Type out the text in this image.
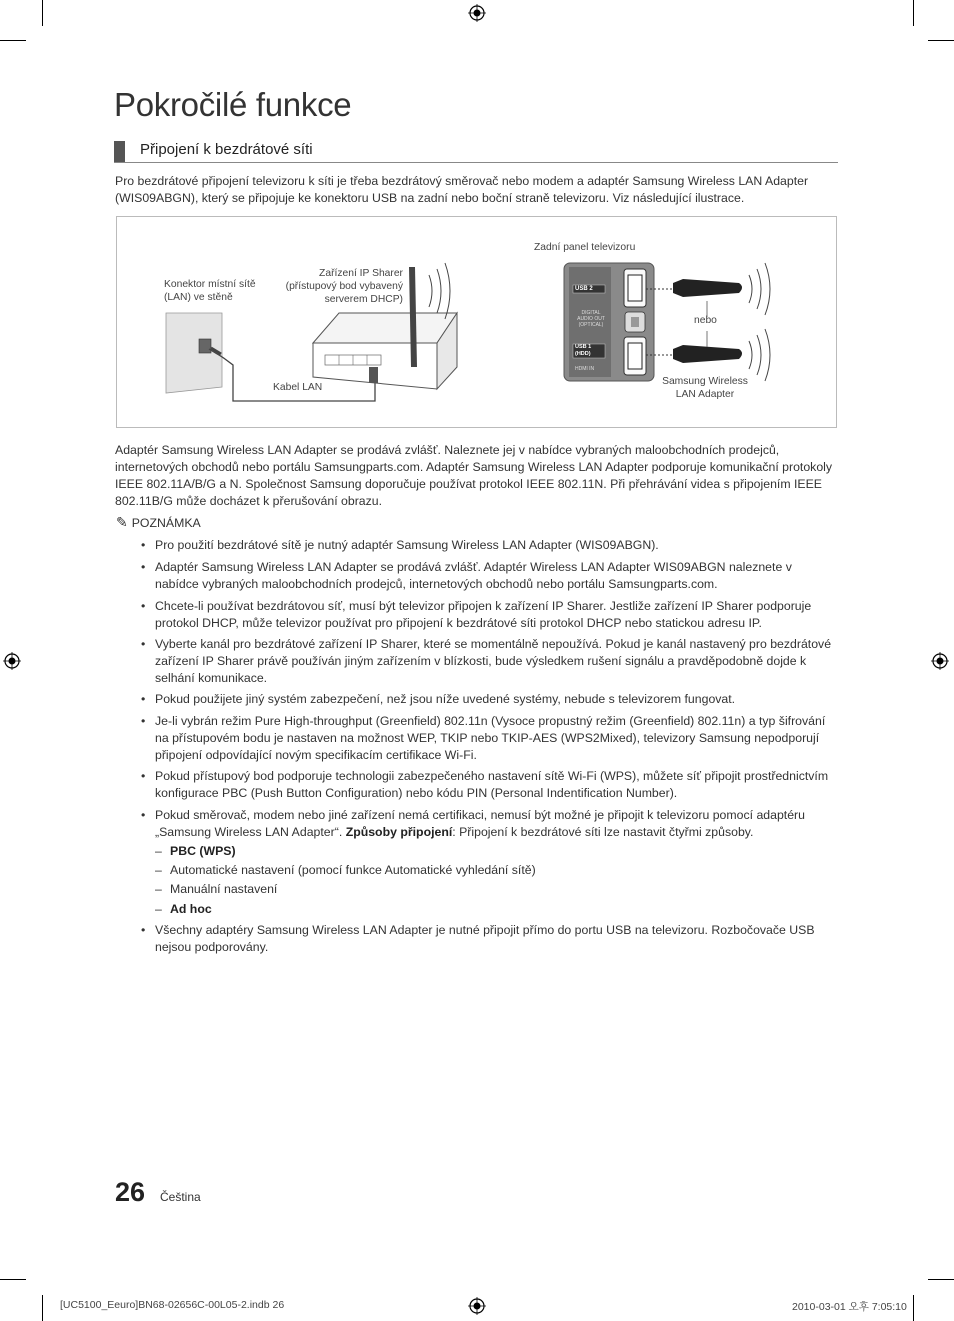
Pokročilé funkce
Připojení k bezdrátové síti
Pro bezdrátové připojení televizoru k síti je třeba bezdrátový směrovač nebo modem a adaptér Samsung Wireless LAN Adapter (WIS09ABGN), který se připojuje ke konektoru USB na zadní nebo boční straně televizoru. Viz následující ilustrace.
Konektor místní sítě
(LAN) ve stěně
Zařízení IP Sharer
(přístupový bod vybavený
serverem DHCP)
Kabel LAN
Zadní panel televizoru
USB 2
DIGITAL
AUDIO OUT
(OPTICAL)
USB 1
(HDD)
HDMI IN
nebo
Samsung Wireless
LAN Adapter
Adaptér Samsung Wireless LAN Adapter se prodává zvlášť. Naleznete jej v nabídce vybraných maloobchodních prodejců, internetových obchodů nebo portálu Samsungparts.com. Adaptér Samsung Wireless LAN Adapter podporuje komunikační protokoly IEEE 802.11A/B/G a N. Společnost Samsung doporučuje používat protokol IEEE 802.11N. Při přehrávání videa s připojením IEEE 802.11B/G může docházet k přerušování obrazu.
✎ POZNÁMKA
• Pro použití bezdrátové sítě je nutný adaptér Samsung Wireless LAN Adapter (WIS09ABGN).
• Adaptér Samsung Wireless LAN Adapter se prodává zvlášť. Adaptér Wireless LAN Adapter WIS09ABGN naleznete v nabídce vybraných maloobchodních prodejců, internetových obchodů nebo portálu Samsungparts.com.
• Chcete-li používat bezdrátovou síť, musí být televizor připojen k zařízení IP Sharer. Jestliže zařízení IP Sharer podporuje protokol DHCP, může televizor používat pro připojení k bezdrátové síti protokol DHCP nebo statickou adresu IP.
• Vyberte kanál pro bezdrátové zařízení IP Sharer, které se momentálně nepoužívá. Pokud je kanál nastavený pro bezdrátové zařízení IP Sharer právě používán jiným zařízením v blízkosti, bude výsledkem rušení signálu a pravděpodobně dojde k selhání komunikace.
• Pokud použijete jiný systém zabezpečení, než jsou níže uvedené systémy, nebude s televizorem fungovat.
• Je-li vybrán režim Pure High-throughput (Greenfield) 802.11n (Vysoce propustný režim (Greenfield) 802.11n) a typ šifrování na přístupovém bodu je nastaven na možnost WEP, TKIP nebo TKIP-AES (WPS2Mixed), televizory Samsung nepodporují připojení odpovídající novým specifikacím certifikace Wi-Fi.
• Pokud přístupový bod podporuje technologii zabezpečeného nastavení sítě Wi-Fi (WPS), můžete síť připojit prostřednictvím konfigurace PBC (Push Button Configuration) nebo kódu PIN (Personal Indentification Number).
• Pokud směrovač, modem nebo jiné zařízení nemá certifikaci, nemusí být možné je připojit k televizoru pomocí adaptéru „Samsung Wireless LAN Adapter“. Způsoby připojení: Připojení k bezdrátové síti lze nastavit čtyřmi způsoby.
– PBC (WPS)
– Automatické nastavení (pomocí funkce Automatické vyhledání sítě)
– Manuální nastavení
– Ad hoc
• Všechny adaptéry Samsung Wireless LAN Adapter je nutné připojit přímo do portu USB na televizoru. Rozbočovače USB nejsou podporovány.
26 Čeština
[UC5100_Eeuro]BN68-02656C-00L05-2.indb 26	2010-03-01 오후 7:05:10
